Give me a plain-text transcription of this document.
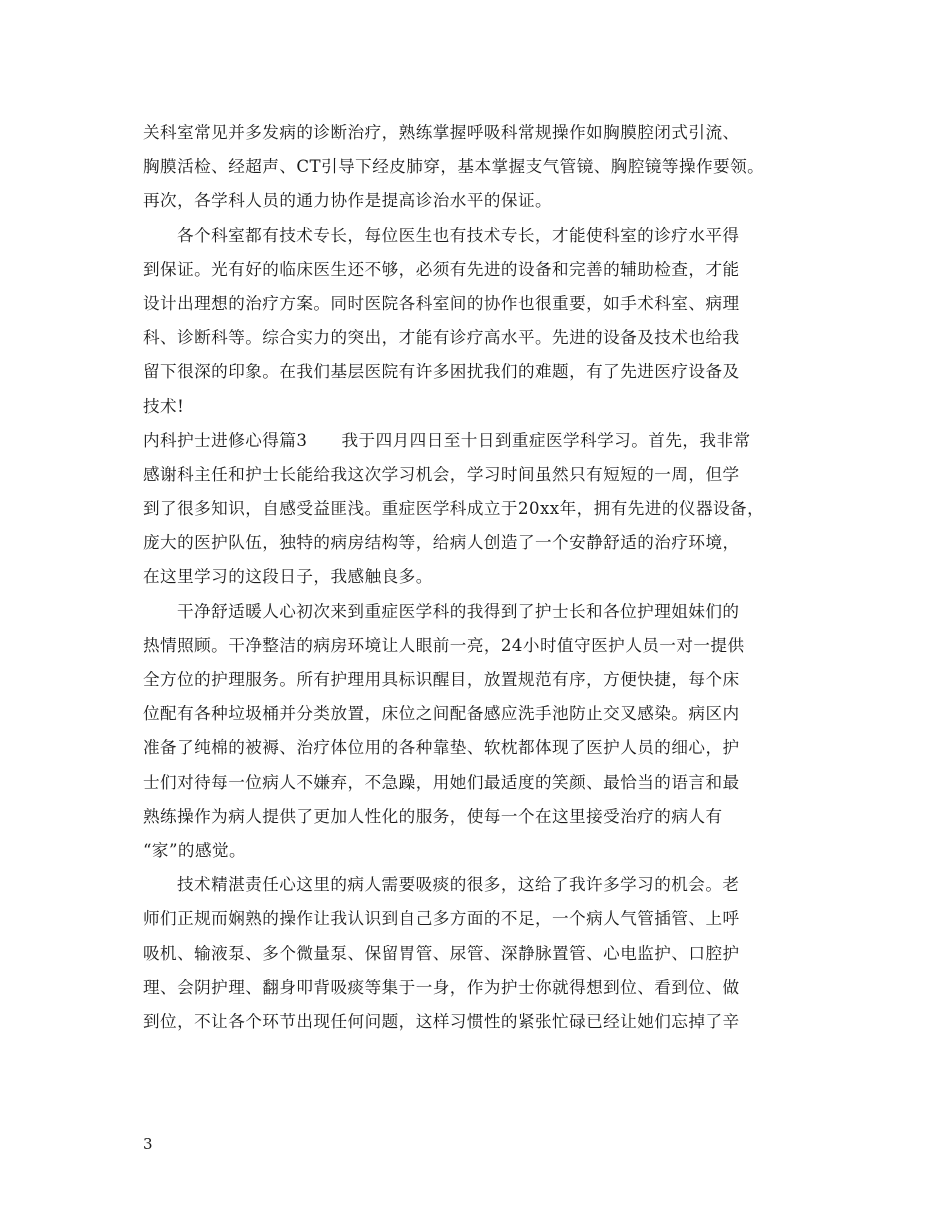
关科室常见并多发病的诊断治疗，熟练掌握呼吸科常规操作如胸膜腔闭式引流、
胸膜活检、经超声、CT引导下经皮肺穿，基本掌握支气管镜、胸腔镜等操作要领。
再次，各学科人员的通力协作是提高诊治水平的保证。
各个科室都有技术专长，每位医生也有技术专长，才能使科室的诊疗水平得
到保证。光有好的临床医生还不够，必须有先进的设备和完善的辅助检查，才能
设计出理想的治疗方案。同时医院各科室间的协作也很重要，如手术科室、病理
科、诊断科等。综合实力的突出，才能有诊疗高水平。先进的设备及技术也给我
留下很深的印象。在我们基层医院有许多困扰我们的难题，有了先进医疗设备及
技术!
内科护士进修心得篇3　　我于四月四日至十日到重症医学科学习。首先，我非常
感谢科主任和护士长能给我这次学习机会，学习时间虽然只有短短的一周，但学
到了很多知识，自感受益匪浅。重症医学科成立于20xx年，拥有先进的仪器设备，
庞大的医护队伍，独特的病房结构等，给病人创造了一个安静舒适的治疗环境，
在这里学习的这段日子，我感触良多。
干净舒适暖人心初次来到重症医学科的我得到了护士长和各位护理姐妹们的
热情照顾。干净整洁的病房环境让人眼前一亮，24小时值守医护人员一对一提供
全方位的护理服务。所有护理用具标识醒目，放置规范有序，方便快捷，每个床
位配有各种垃圾桶并分类放置，床位之间配备感应洗手池防止交叉感染。病区内
准备了纯棉的被褥、治疗体位用的各种靠垫、软枕都体现了医护人员的细心，护
士们对待每一位病人不嫌弃，不急躁，用她们最适度的笑颜、最恰当的语言和最
熟练操作为病人提供了更加人性化的服务，使每一个在这里接受治疗的病人有
“家”的感觉。
技术精湛责任心这里的病人需要吸痰的很多，这给了我许多学习的机会。老
师们正规而娴熟的操作让我认识到自己多方面的不足，一个病人气管插管、上呼
吸机、输液泵、多个微量泵、保留胃管、尿管、深静脉置管、心电监护、口腔护
理、会阴护理、翻身叩背吸痰等集于一身，作为护士你就得想到位、看到位、做
到位，不让各个环节出现任何问题，这样习惯性的紧张忙碌已经让她们忘掉了辛
3
